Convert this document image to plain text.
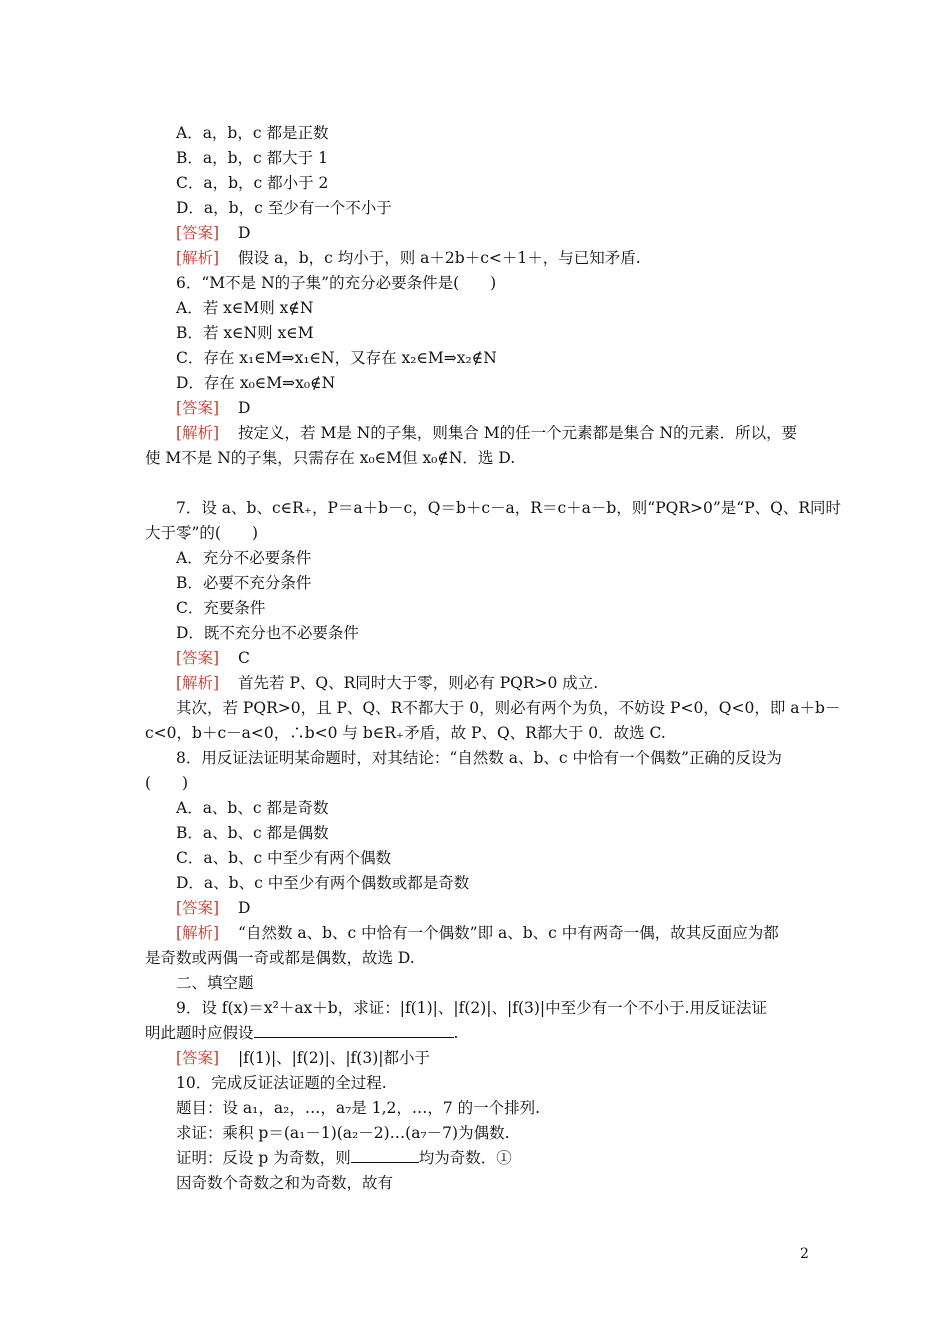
A．a，b，c 都是正数
B．a，b，c 都大于 1
C．a，b，c 都小于 2
D．a，b，c 至少有一个不小于
[答案] D
[解析] 假设 a，b，c 均小于，则 a＋2b＋c<＋1＋，与已知矛盾.
6．“M不是 N的子集”的充分必要条件是(　　)
A．若 x∈M则 x∉N
B．若 x∈N则 x∈M
C．存在 x₁∈M⇒x₁∈N，又存在 x₂∈M⇒x₂∉N
D．存在 x₀∈M⇒x₀∉N
[答案] D
[解析] 按定义，若 M是 N的子集，则集合 M的任一个元素都是集合 N的元素．所以，要
使 M不是 N的子集，只需存在 x₀∈M但 x₀∉N．选 D.
7．设 a、b、c∈R₊，P＝a＋b－c，Q＝b＋c－a，R＝c＋a－b，则“PQR>0”是“P、Q、R同时
大于零”的(　　)
A．充分不必要条件
B．必要不充分条件
C．充要条件
D．既不充分也不必要条件
[答案] C
[解析] 首先若 P、Q、R同时大于零，则必有 PQR>0 成立.
其次，若 PQR>0，且 P、Q、R不都大于 0，则必有两个为负，不妨设 P<0，Q<0，即 a＋b－
c<0，b＋c－a<0，∴b<0 与 b∈R₊矛盾，故 P、Q、R都大于 0．故选 C.
8．用反证法证明某命题时，对其结论：“自然数 a、b、c 中恰有一个偶数”正确的反设为
(　　)
A．a、b、c 都是奇数
B．a、b、c 都是偶数
C．a、b、c 中至少有两个偶数
D．a、b、c 中至少有两个偶数或都是奇数
[答案] D
[解析] “自然数 a、b、c 中恰有一个偶数”即 a、b、c 中有两奇一偶，故其反面应为都
是奇数或两偶一奇或都是偶数，故选 D.
二、填空题
9．设 f(x)＝x²＋ax＋b，求证：|f(1)|、|f(2)|、|f(3)|中至少有一个不小于.用反证法证
明此题时应假设	.
[答案] |f(1)|、|f(2)|、|f(3)|都小于
10．完成反证法证题的全过程.
题目：设 a₁，a₂，…，a₇是 1,2，…，7 的一个排列.
求证：乘积 p＝(a₁－1)(a₂－2)…(a₇－7)为偶数.
证明：反设 p 为奇数，则	均为奇数．①
因奇数个奇数之和为奇数，故有
2
